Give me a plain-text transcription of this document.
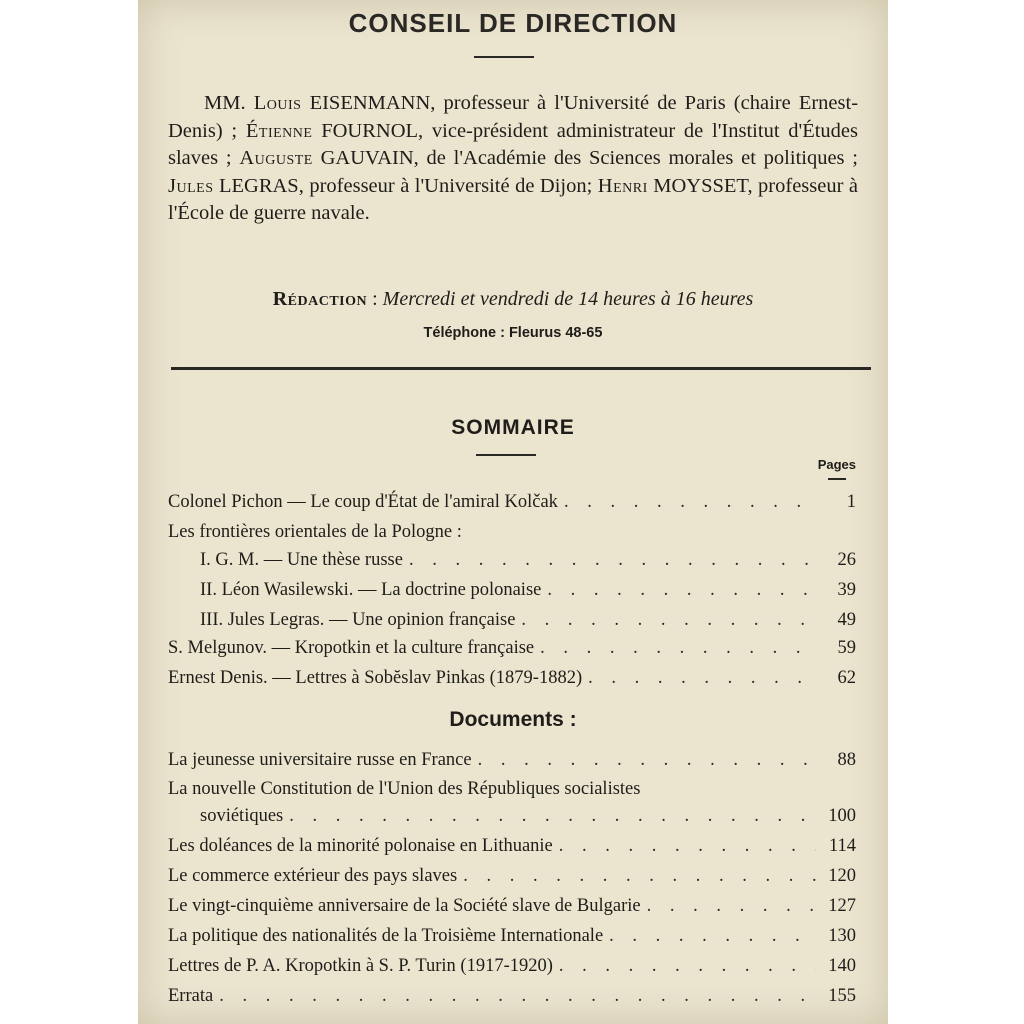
CONSEIL DE DIRECTION
MM. Louis EISENMANN, professeur à l'Université de Paris (chaire Ernest-Denis) ; Étienne FOURNOL, vice-président administrateur de l'Institut d'Études slaves ; Auguste GAUVAIN, de l'Académie des Sciences morales et politiques ; Jules LEGRAS, professeur à l'Université de Dijon; Henri MOYSSET, professeur à l'École de guerre navale.
Rédaction : Mercredi et vendredi de 14 heures à 16 heures
Téléphone : Fleurus 48-65
SOMMAIRE
Pages
Colonel Pichon — Le coup d'État de l'amiral Kolčak . . .	1
Les frontières orientales de la Pologne :
I. G. M. — Une thèse russe . . .	26
II. Léon Wasilewski. — La doctrine polonaise . . .	39
III. Jules Legras. — Une opinion française . . .	49
S. Melgunov. — Kropotkin et la culture française . . .	59
Ernest Denis. — Lettres à Sobĕslav Pinkas (1879-1882) . . .	62
Documents :
La jeunesse universitaire russe en France . . .	88
La nouvelle Constitution de l'Union des Républiques socialistes
soviétiques . . .	100
Les doléances de la minorité polonaise en Lithuanie . . .	114
Le commerce extérieur des pays slaves . . .	120
Le vingt-cinquième anniversaire de la Société slave de Bulgarie . . .	127
La politique des nationalités de la Troisième Internationale . . .	130
Lettres de P. A. Kropotkin à S. P. Turin (1917-1920) . . .	140
Errata . . .	155
